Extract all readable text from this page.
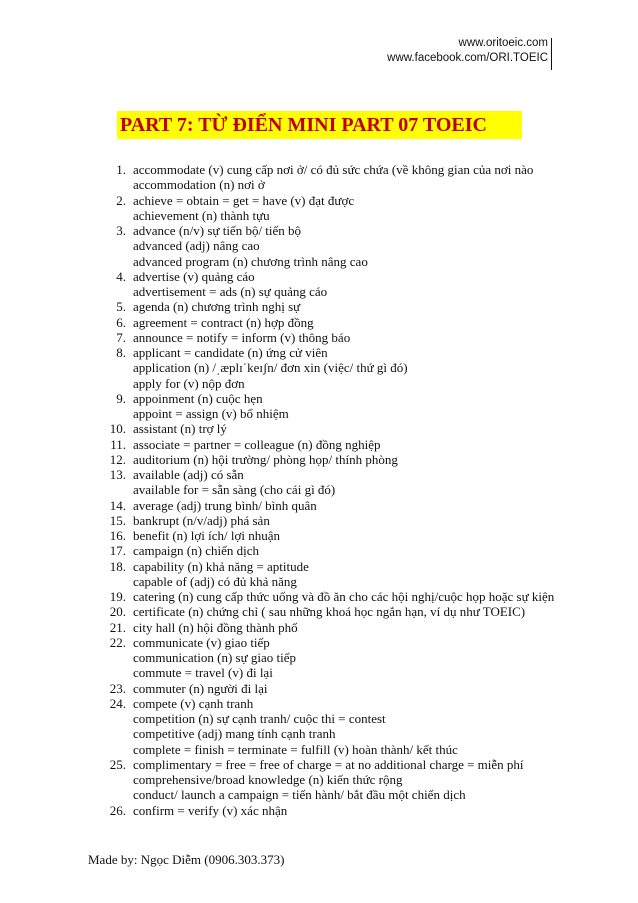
www.oritoeic.com
www.facebook.com/ORI.TOEIC
PART 7: TỪ ĐIỂN MINI PART 07 TOEIC
1. accommodate (v) cung cấp nơi ở/ có đủ sức chứa (về không gian của nơi nào
accommodation (n) nơi ở
2. achieve = obtain = get = have (v) đạt được
achievement (n) thành tựu
3. advance (n/v) sự tiến bộ/ tiến bộ
advanced (adj) nâng cao
advanced program (n) chương trình nâng cao
4. advertise (v) quảng cáo
advertisement = ads (n) sự quảng cáo
5. agenda (n) chương trình nghị sự
6. agreement = contract (n) hợp đồng
7. announce = notify = inform (v) thông báo
8. applicant = candidate (n) ứng cử viên
application (n) /ˌæplɪˈkeɪʃn/ đơn xin (việc/ thứ gì đó)
apply for (v) nộp đơn
9. appoinment (n) cuộc hẹn
appoint = assign (v) bổ nhiệm
10. assistant (n) trợ lý
11. associate = partner = colleague (n) đồng nghiệp
12. auditorium (n) hội trường/ phòng họp/ thính phòng
13. available (adj) có sẵn
available for = sẵn sàng (cho cái gì đó)
14. average (adj) trung bình/ bình quân
15. bankrupt (n/v/adj) phá sản
16. benefit (n) lợi ích/ lợi nhuận
17. campaign (n) chiến dịch
18. capability (n) khả năng = aptitude
capable of (adj) có đủ khả năng
19. catering (n) cung cấp thức uống và đồ ăn cho các hội nghị/cuộc họp hoặc sự kiện
20. certificate (n) chứng chỉ ( sau những khoá học ngắn hạn, ví dụ như TOEIC)
21. city hall (n) hội đồng thành phố
22. communicate (v) giao tiếp
communication (n) sự giao tiếp
commute = travel (v) đi lại
23. commuter (n) người đi lại
24. compete (v) cạnh tranh
competition (n) sự cạnh tranh/ cuộc thi = contest
competitive (adj) mang tính cạnh tranh
complete = finish = terminate = fulfill (v) hoàn thành/ kết thúc
25. complimentary = free = free of charge = at no additional charge = miễn phí
comprehensive/broad knowledge (n) kiến thức rộng
conduct/ launch a campaign = tiến hành/ bắt đầu một chiến dịch
26. confirm = verify (v) xác nhận
Made by: Ngọc Diễm (0906.303.373)
